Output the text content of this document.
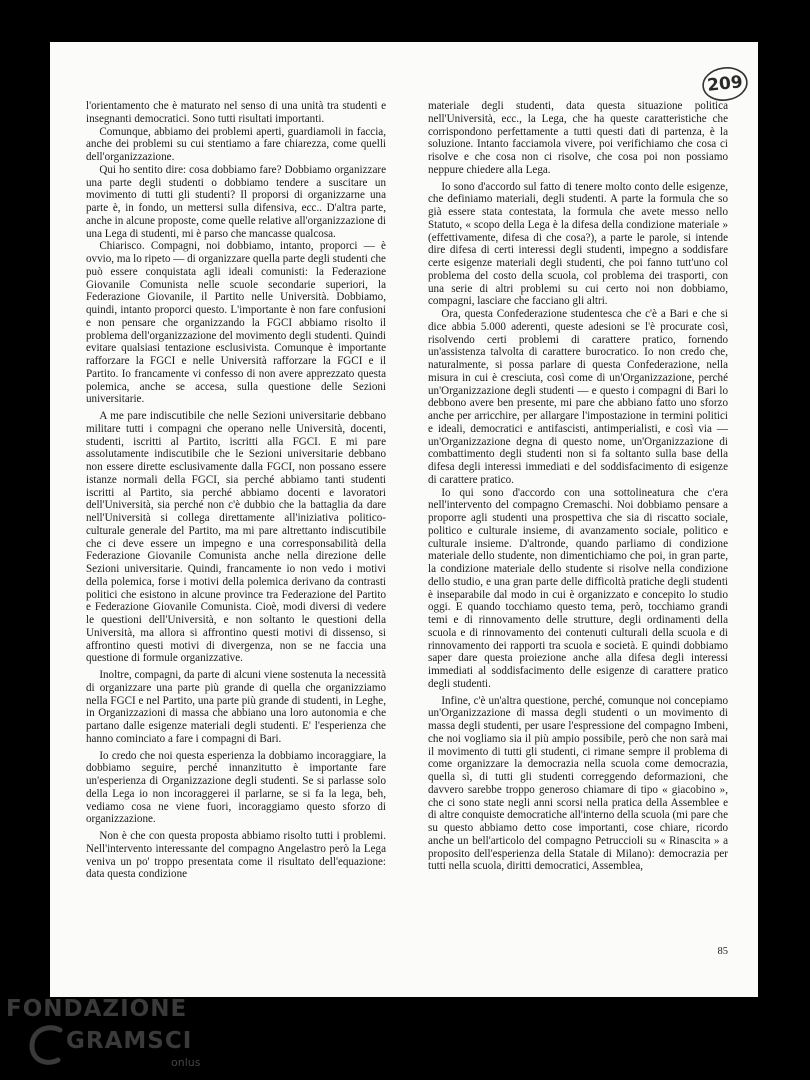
209

l'orientamento che è maturato nel senso di una unità tra studenti e insegnanti democratici. Sono tutti risultati importanti.

Comunque, abbiamo dei problemi aperti, guardiamoli in faccia, anche dei problemi su cui stentiamo a fare chiarezza, come quelli dell'organizzazione.

Qui ho sentito dire: cosa dobbiamo fare? Dobbiamo organizzare una parte degli studenti o dobbiamo tendere a suscitare un movimento di tutti gli studenti? Il proporsi di organizzarne una parte è, in fondo, un mettersi sulla difensiva, ecc.. D'altra parte, anche in alcune proposte, come quelle relative all'organizzazione di una Lega di studenti, mi è parso che mancasse qualcosa.

Chiarisco. Compagni, noi dobbiamo, intanto, proporci — è ovvio, ma lo ripeto — di organizzare quella parte degli studenti che può essere conquistata agli ideali comunisti: la Federazione Giovanile Comunista nelle scuole secondarie superiori, la Federazione Giovanile, il Partito nelle Università. Dobbiamo, quindi, intanto proporci questo. L'importante è non fare confusioni e non pensare che organizzando la FGCI abbiamo risolto il problema dell'organizzazione del movimento degli studenti. Quindi evitare qualsiasi tentazione esclusivista. Comunque è importante rafforzare la FGCI e nelle Università rafforzare la FGCI e il Partito. Io francamente vi confesso di non avere apprezzato questa polemica, anche se accesa, sulla questione delle Sezioni universitarie.

A me pare indiscutibile che nelle Sezioni universitarie debbano militare tutti i compagni che operano nelle Università, docenti, studenti, iscritti al Partito, iscritti alla FGCI. E mi pare assolutamente indiscutibile che le Sezioni universitarie debbano non essere dirette esclusivamente dalla FGCI, non possano essere istanze normali della FGCI, sia perché abbiamo tanti studenti iscritti al Partito, sia perché abbiamo docenti e lavoratori dell'Università, sia perché non c'è dubbio che la battaglia da dare nell'Università si collega direttamente all'iniziativa politico-culturale generale del Partito, ma mi pare altrettanto indiscutibile che ci deve essere un impegno e una corresponsabilità della Federazione Giovanile Comunista anche nella direzione delle Sezioni universitarie. Quindi, francamente io non vedo i motivi della polemica, forse i motivi della polemica derivano da contrasti politici che esistono in alcune province tra Federazione del Partito e Federazione Giovanile Comunista. Cioè, modi diversi di vedere le questioni dell'Università, e non soltanto le questioni della Università, ma allora si affrontino questi motivi di dissenso, si affrontino questi motivi di divergenza, non se ne faccia una questione di formule organizzative.

Inoltre, compagni, da parte di alcuni viene sostenuta la necessità di organizzare una parte più grande di quella che organizziamo nella FGCI e nel Partito, una parte più grande di studenti, in Leghe, in Organizzazioni di massa che abbiano una loro autonomia e che partano dalle esigenze materiali degli studenti. E' l'esperienza che hanno cominciato a fare i compagni di Bari.

Io credo che noi questa esperienza la dobbiamo incoraggiare, la dobbiamo seguire, perché innanzitutto è importante fare un'esperienza di Organizzazione degli studenti. Se si parlasse solo della Lega io non incoraggerei il parlarne, se si fa la lega, beh, vediamo cosa ne viene fuori, incoraggiamo questo sforzo di organizzazione.

Non è che con questa proposta abbiamo risolto tutti i problemi. Nell'intervento interessante del compagno Angelastro però la Lega veniva un po' troppo presentata come il risultato dell'equazione: data questa condizione

materiale degli studenti, data questa situazione politica nell'Università, ecc., la Lega, che ha queste caratteristiche che corrispondono perfettamente a tutti questi dati di partenza, è la soluzione. Intanto facciamola vivere, poi verifichiamo che cosa ci risolve e che cosa non ci risolve, che cosa poi non possiamo neppure chiedere alla Lega.

Io sono d'accordo sul fatto di tenere molto conto delle esigenze, che definiamo materiali, degli studenti. A parte la formula che so già essere stata contestata, la formula che avete messo nello Statuto, « scopo della Lega è la difesa della condizione materiale » (effettivamente, difesa di che cosa?), a parte le parole, si intende dire difesa di certi interessi degli studenti, impegno a soddisfare certe esigenze materiali degli studenti, che poi fanno tutt'uno col problema del costo della scuola, col problema dei trasporti, con una serie di altri problemi su cui certo noi non dobbiamo, compagni, lasciare che facciano gli altri.

Ora, questa Confederazione studentesca che c'è a Bari e che si dice abbia 5.000 aderenti, queste adesioni se l'è procurate così, risolvendo certi problemi di carattere pratico, fornendo un'assistenza talvolta di carattere burocratico. Io non credo che, naturalmente, si possa parlare di questa Confederazione, nella misura in cui è cresciuta, così come di un'Organizzazione, perché un'Organizzazione degli studenti — e questo i compagni di Bari lo debbono avere ben presente, mi pare che abbiano fatto uno sforzo anche per arricchire, per allargare l'impostazione in termini politici e ideali, democratici e antifascisti, antimperialisti, e così via — un'Organizzazione degna di questo nome, un'Organizzazione di combattimento degli studenti non si fa soltanto sulla base della difesa degli interessi immediati e del soddisfacimento di esigenze di carattere pratico.

Io qui sono d'accordo con una sottolineatura che c'era nell'intervento del compagno Cremaschi. Noi dobbiamo pensare a proporre agli studenti una prospettiva che sia di riscatto sociale, politico e culturale insieme, di avanzamento sociale, politico e culturale insieme. D'altronde, quando parliamo di condizione materiale dello studente, non dimentichiamo che poi, in gran parte, la condizione materiale dello studente si risolve nella condizione dello studio, e una gran parte delle difficoltà pratiche degli studenti è inseparabile dal modo in cui è organizzato e concepito lo studio oggi. E quando tocchiamo questo tema, però, tocchiamo grandi temi e di rinnovamento delle strutture, degli ordinamenti della scuola e di rinnovamento dei contenuti culturali della scuola e di rinnovamento dei rapporti tra scuola e società. E quindi dobbiamo saper dare questa proiezione anche alla difesa degli interessi immediati al soddisfacimento delle esigenze di carattere pratico degli studenti.

Infine, c'è un'altra questione, perché, comunque noi concepiamo un'Organizzazione di massa degli studenti o un movimento di massa degli studenti, per usare l'espressione del compagno Imbeni, che noi vogliamo sia il più ampio possibile, però che non sarà mai il movimento di tutti gli studenti, ci rimane sempre il problema di come organizzare la democrazia nella scuola come democrazia, quella sì, di tutti gli studenti correggendo deformazioni, che davvero sarebbe troppo generoso chiamare di tipo « giacobino », che ci sono state negli anni scorsi nella pratica della Assemblee e di altre conquiste democratiche all'interno della scuola (mi pare che su questo abbiamo detto cose importanti, cose chiare, ricordo anche un bell'articolo del compagno Petruccioli su « Rinascita » a proposito dell'esperienza della Statale di Milano): democrazia per tutti nella scuola, diritti democratici, Assemblea,

85
FONDAZIONE
GRAMSCI
onlus
